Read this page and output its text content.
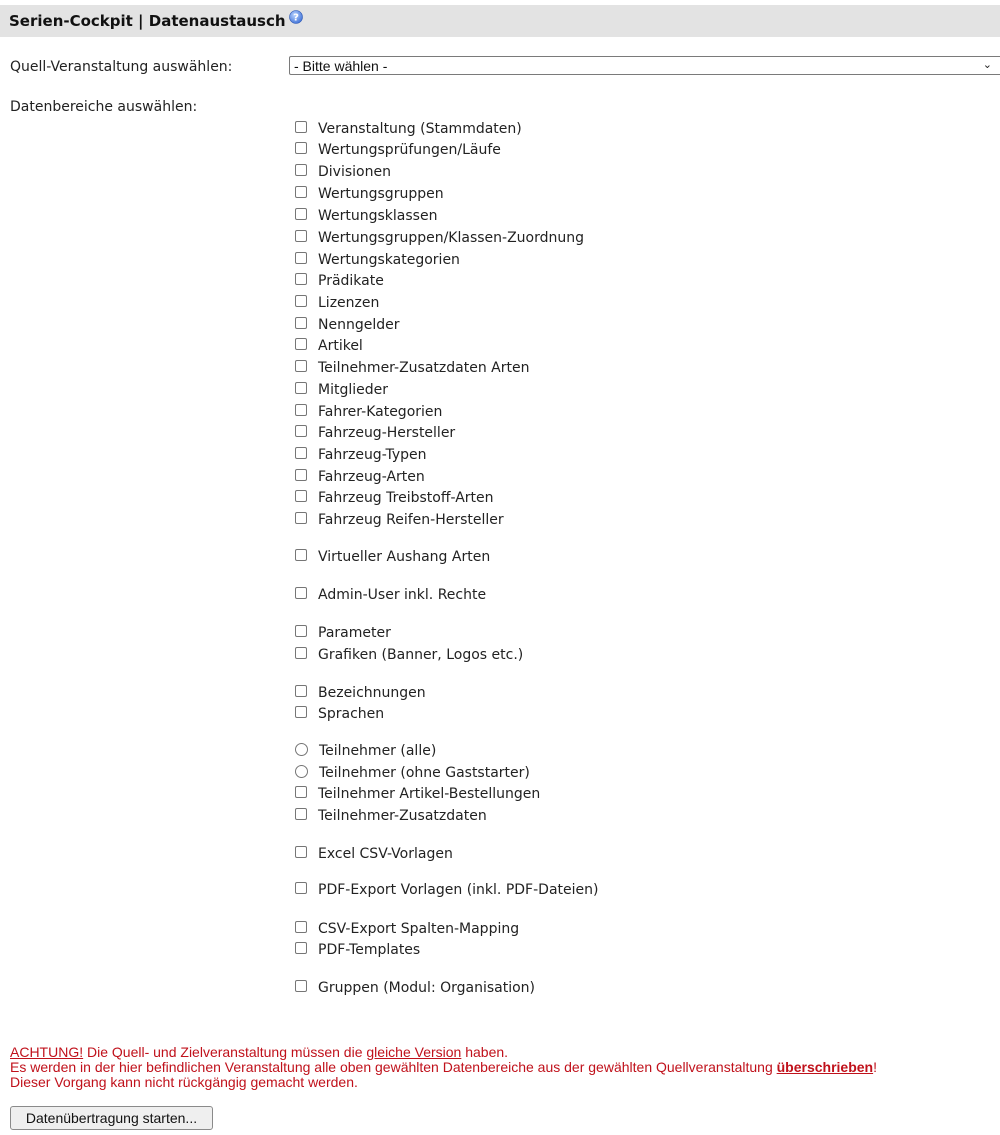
Serien-Cockpit | Datenaustausch ?
Quell-Veranstaltung auswählen:	- Bitte wählen -	⌄
Datenbereiche auswählen:
Veranstaltung (Stammdaten)
Wertungsprüfungen/Läufe
Divisionen
Wertungsgruppen
Wertungsklassen
Wertungsgruppen/Klassen-Zuordnung
Wertungskategorien
Prädikate
Lizenzen
Nenngelder
Artikel
Teilnehmer-Zusatzdaten Arten
Mitglieder
Fahrer-Kategorien
Fahrzeug-Hersteller
Fahrzeug-Typen
Fahrzeug-Arten
Fahrzeug Treibstoff-Arten
Fahrzeug Reifen-Hersteller
Virtueller Aushang Arten
Admin-User inkl. Rechte
Parameter
Grafiken (Banner, Logos etc.)
Bezeichnungen
Sprachen
Teilnehmer (alle)
Teilnehmer (ohne Gaststarter)
Teilnehmer Artikel-Bestellungen
Teilnehmer-Zusatzdaten
Excel CSV-Vorlagen
PDF-Export Vorlagen (inkl. PDF-Dateien)
CSV-Export Spalten-Mapping
PDF-Templates
Gruppen (Modul: Organisation)
ACHTUNG! Die Quell- und Zielveranstaltung müssen die gleiche Version haben.
Es werden in der hier befindlichen Veranstaltung alle oben gewählten Datenbereiche aus der gewählten Quellveranstaltung überschrieben!
Dieser Vorgang kann nicht rückgängig gemacht werden.
Datenübertragung starten...
